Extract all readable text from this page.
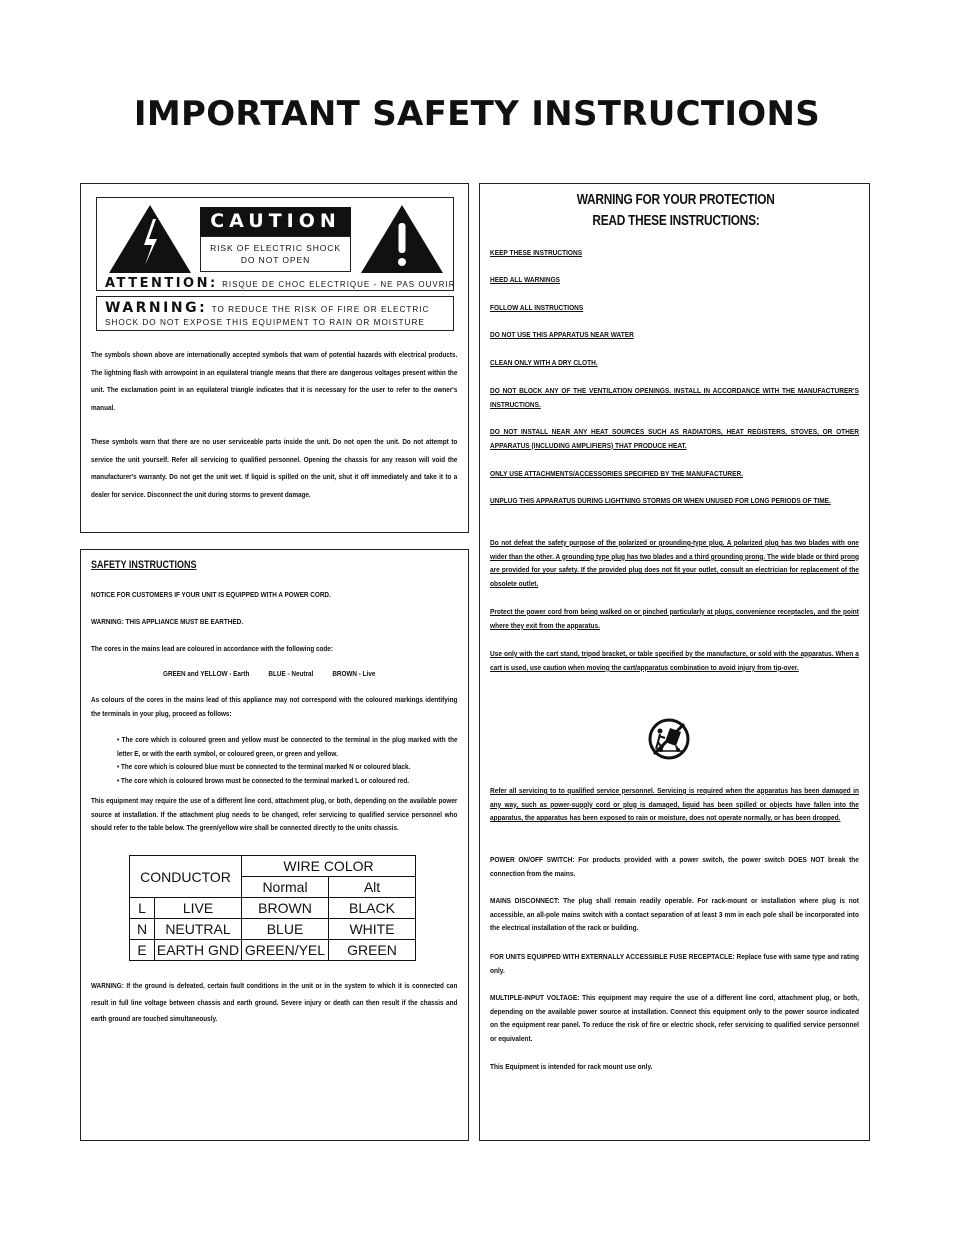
IMPORTANT SAFETY INSTRUCTIONS
CAUTION
RISK OF ELECTRIC SHOCK
DO NOT OPEN
ATTENTION: RISQUE DE CHOC ELECTRIQUE - NE PAS OUVRIR
WARNING: TO REDUCE THE RISK OF FIRE OR ELECTRIC
SHOCK DO NOT EXPOSE THIS EQUIPMENT TO RAIN OR MOISTURE
The symbols shown above are internationally accepted symbols that warn of potential hazards with electrical products. The lightning flash with arrowpoint in an equilateral triangle means that there are dangerous voltages present within the unit. The exclamation point in an equilateral triangle indicates that it is necessary for the user to refer to the owner's manual.
These symbols warn that there are no user serviceable parts inside the unit. Do not open the unit. Do not attempt to service the unit yourself. Refer all servicing to qualified personnel. Opening the chassis for any reason will void the manufacturer's warranty. Do not get the unit wet. If liquid is spilled on the unit, shut it off immediately and take it to a dealer for service. Disconnect the unit during storms to prevent damage.
SAFETY INSTRUCTIONS
NOTICE FOR CUSTOMERS IF YOUR UNIT IS EQUIPPED WITH A POWER CORD.
WARNING: THIS APPLIANCE MUST BE EARTHED.
The cores in the mains lead are coloured in accordance with the following code:
GREEN and YELLOW - Earth	BLUE - Neutral	BROWN - Live
As colours of the cores in the mains lead of this appliance may not correspond with the coloured markings identifying the terminals in your plug, proceed as follows:
• The core which is coloured green and yellow must be connected to the terminal in the plug marked with the letter E, or with the earth symbol, or coloured green, or green and yellow.
• The core which is coloured blue must be connected to the terminal marked N or coloured black.
• The core which is coloured brown must be connected to the terminal marked L or coloured red.
This equipment may require the use of a different line cord, attachment plug, or both, depending on the available power source at installation. If the attachment plug needs to be changed, refer servicing to qualified service personnel who should refer to the table below. The green/yellow wire shall be connected directly to the units chassis.
CONDUCTOR		WIRE COLOR	
		Normal	Alt
L	LIVE	BROWN	BLACK
N	NEUTRAL	BLUE	WHITE
E	EARTH GND	GREEN/YEL	GREEN
WARNING: If the ground is defeated, certain fault conditions in the unit or in the system to which it is connected can result in full line voltage between chassis and earth ground. Severe injury or death can then result if the chassis and earth ground are touched simultaneously.
WARNING FOR YOUR PROTECTION
READ THESE INSTRUCTIONS:
KEEP THESE INSTRUCTIONS
HEED ALL WARNINGS
FOLLOW ALL INSTRUCTIONS
DO NOT USE THIS APPARATUS NEAR WATER
CLEAN ONLY WITH A DRY CLOTH.
DO NOT BLOCK ANY OF THE VENTILATION OPENINGS. INSTALL IN ACCORDANCE WITH THE MANUFACTURER'S INSTRUCTIONS.
DO NOT INSTALL NEAR ANY HEAT SOURCES SUCH AS RADIATORS, HEAT REGISTERS, STOVES, OR OTHER APPARATUS (INCLUDING AMPLIFIERS) THAT PRODUCE HEAT.
ONLY USE ATTACHMENTS/ACCESSORIES SPECIFIED BY THE MANUFACTURER.
UNPLUG THIS APPARATUS DURING LIGHTNING STORMS OR WHEN UNUSED FOR LONG PERIODS OF TIME.
Do not defeat the safety purpose of the polarized or grounding-type plug. A polarized plug has two blades with one wider than the other. A grounding type plug has two blades and a third grounding prong. The wide blade or third prong are provided for your safety. If the provided plug does not fit your outlet, consult an electrician for replacement of the obsolete outlet.
Protect the power cord from being walked on or pinched particularly at plugs, convenience receptacles, and the point where they exit from the apparatus.
Use only with the cart stand, tripod bracket, or table specified by the manufacture, or sold with the apparatus. When a cart is used, use caution when moving the cart/apparatus combination to avoid injury from tip-over.
Refer all servicing to to qualified service personnel. Servicing is required when the apparatus has been damaged in any way, such as power-supply cord or plug is damaged, liquid has been spilled or objects have fallen into the apparatus, the apparatus has been exposed to rain or moisture, does not operate normally, or has been dropped.
POWER ON/OFF SWITCH: For products provided with a power switch, the power switch DOES NOT break the connection from the mains.
MAINS DISCONNECT: The plug shall remain readily operable. For rack-mount or installation where plug is not accessible, an all-pole mains switch with a contact separation of at least 3 mm in each pole shall be incorporated into the electrical installation of the rack or building.
FOR UNITS EQUIPPED WITH EXTERNALLY ACCESSIBLE FUSE RECEPTACLE: Replace fuse with same type and rating only.
MULTIPLE-INPUT VOLTAGE: This equipment may require the use of a different line cord, attachment plug, or both, depending on the available power source at installation. Connect this equipment only to the power source indicated on the equipment rear panel. To reduce the risk of fire or electric shock, refer servicing to qualified service personnel or equivalent.
This Equipment is intended for rack mount use only.
